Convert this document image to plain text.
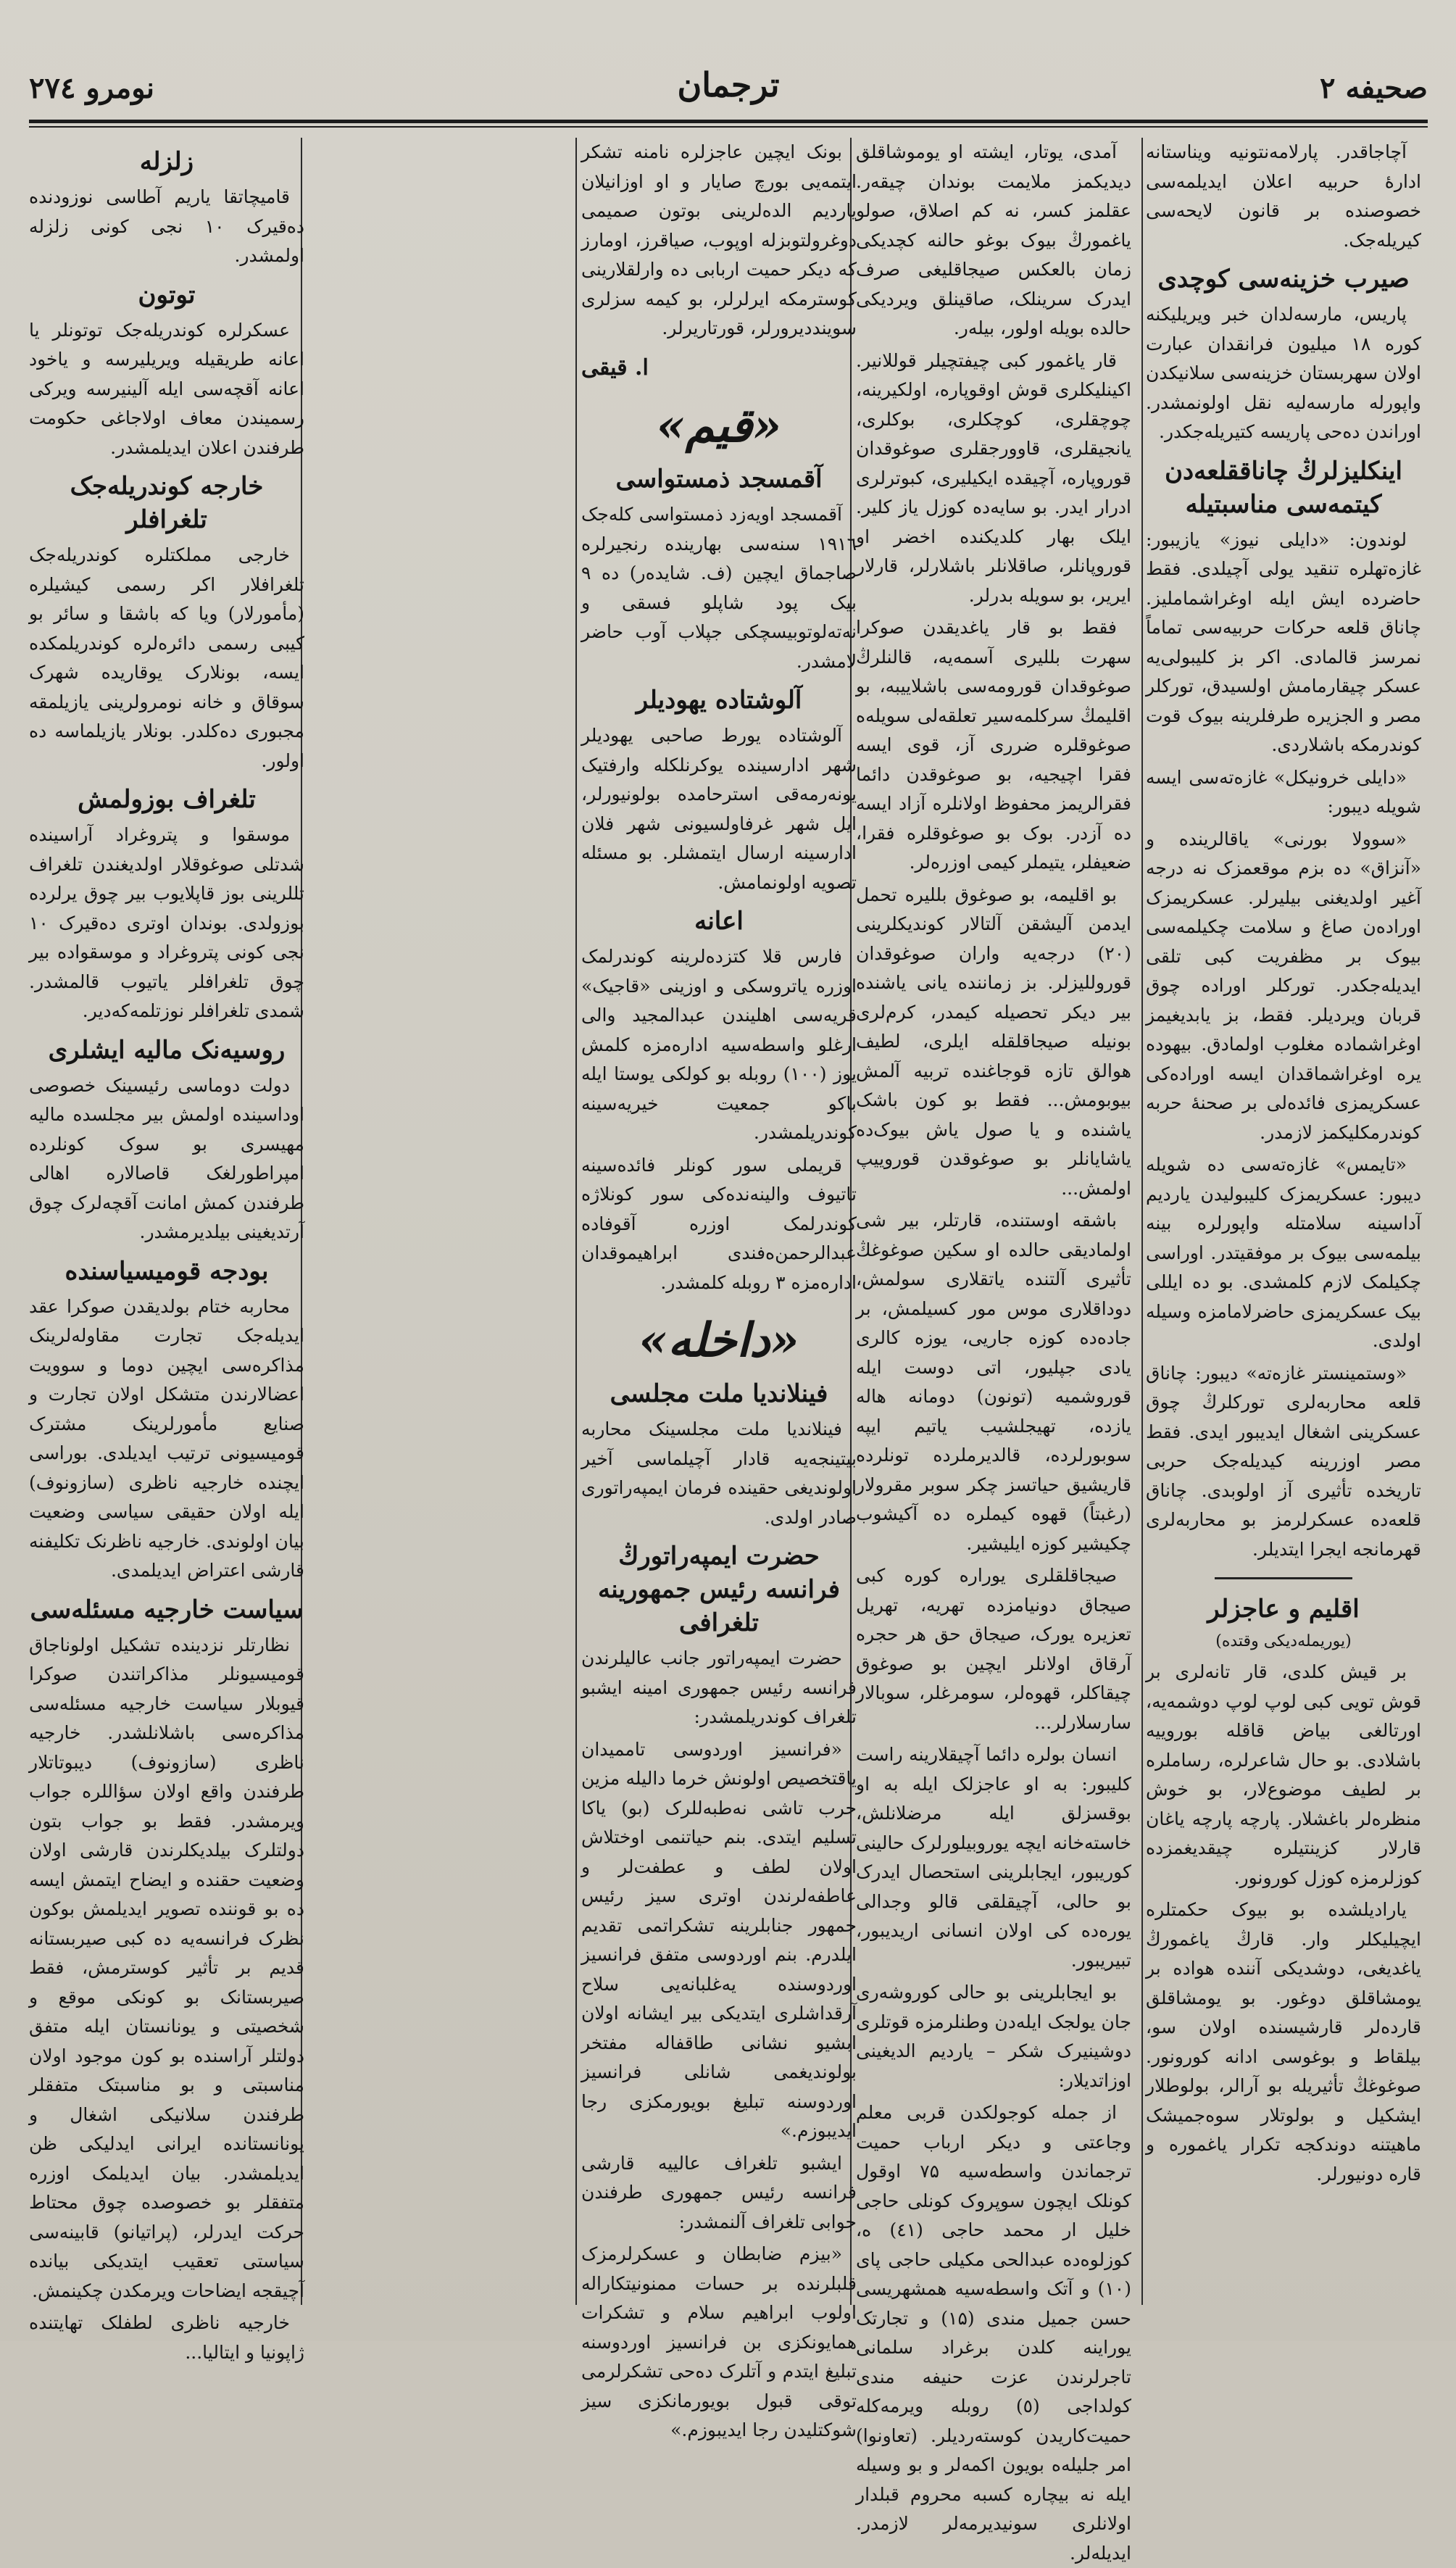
صحیفه ۲
ترجمان
نومرو ۲۷٤

آچاجاقدر. پارلامه‌نتونیه ویناستانه ادارهٔ حربیه اعلان ایدیلمه‌سی خصوصنده بر قانون لایحه‌سی کیریله‌جک.

صیرب خزینه‌سی کوچدی

پاریس، مارسه‌لدان خبر ویریلیکنه کوره ۱۸ میلیون فرانقدان عبارت اولان سهربستان خزینه‌سی سلانیکدن واپورله مارسه‌لیه نقل اولونمشدر. اوراندن ده‌حی پاریسه کتیریله‌جکدر.

اینکلیزلرڭ چاناققلعه‌دن کیتمه‌سی مناسبتیله

لوندون: «دایلی نیوز» یازیبور: غازه‌تهلره تنقید یولی آچیلدی. فقط حاضرده ایش ایله اوغراشماملیز. چاناق قلعه حرکات حربیه‌سی تماماً نمرسز قالمادی. اکر بز کلیبولی‌یه عسکر چیقارمامش اولسیدق، تورکلر مصر و الجزیره طرفلرینه بیوک قوت کوندرمکه باشلاردی.

«دایلی خرونیکل» غازه‌ته‌سی ایسه شویله دیبور:

«سوولا بورنی» یاقالرینده و «آنزاق» ده بزم موقعمزک نه درجه آغیر اولدیغنی بیلیرلر. عسکریمزک اوراده‌ن صاغ و سلامت چکیلمه‌سی بیوک بر مظفریت کبی تلقی ایدیله‌جکدر. تورکلر اوراده چوق قربان ویردیلر. فقط، بز یابدیغیمز اوغراشماده مغلوب اولمادق. بیهوده یره اوغراشماقدان ایسه اوراده‌کی عسکریمزی فائده‌لی بر صحنهٔ حربه کوندرمکلیکمز لازمدر.

«تایمس» غازه‌ته‌سی ده شویله دیبور: عسکریمزک کلیبولیدن یاردیم آداسینه سلامتله واپورلره بینه بیلمه‌سی بیوک بر موفقیتدر. اوراسی چکیلمک لازم کلمشدی. بو ده ایللی بیک عسکریمزی حاضرلامامزه وسیله اولدی.

«وستمینستر غازه‌ته» دیبور: چاناق قلعه محاربه‌لری تورکلرڭ چوق عسکرینی اشغال ایدیبور ایدی. فقط مصر اوزرینه کیدیله‌جک حربی تاریخده تأثیری آز اولوبدی. چاناق قلعه‌ده عسکرلرمز بو محاربه‌لری قهرمانجه ایجرا ایتدیلر.

اقلیم و عاجزلر
(یوریمله‌دیکی وقتده)

بر قیش کلدی، قار تانه‌لری بر قوش تویی کبی لوپ لوپ دوشمه‌یه، اورتالغی بیاض قاقله بوروییه باشلادی. بو حال شاعرلره، رساملره بر لطیف موضوع‌لار، بو خوش منظره‌لر باغشلار. پارچه پارچه یاغان قارلار کزینتیلره چیقدیغمزده کوزلرمزه کوزل کورونور.

یارادیلشده بو بیوک حکمتلره ایچیلیکلر وار. قارڭ یاغمورڭ یاغدیغی، دوشدیکی آننده هواده بر یومشاقلق دوغور. بو یومشاقلق قارده‌لر قارشیسنده اولان سو، بیلقاط و بوغوسی ادانه کورونور. صوغوغڭ تأثیریله بو آرالر، بولوطلار ایشکیل و بولوتلار سوه‌جمیشک ماهیتنه دوندکجه تکرار یاغموره و قاره دونیورلر.

آمدی، یوتار، ایشته او یوموشاقلق دیدیکمز ملایمت بوندان چیقه‌ر. عقلمز کسر، نه کم اصلاق، صولو یاغمورڭ بیوک بوغو حالنه کچدیکی زمان بالعکس صیجاقلیغی صرف ایدرک سرینلک، صاقینلق ویردیکی حالده بویله اولور، بیله‌ر.

قار یاغمور کبی چیفتچیلر قوللانیر. اکینلیکلری قوش اوقوپاره، اولکیرینه، چوچقلری، کوچکلری، بوکلری، یانجیقلری، قاوورجقلری صوغوقدان قوروپاره، آچیقده ایکیلیری، کبوترلری ادرار ایدر. بو سایه‌ده کوزل یاز کلیر. ایلک بهار کلدیکنده اخضر او قوروپانلر، صاقلانلر باشلارلر، قارلار ایریر، بو سویله بدرلر.

فقط بو قار یاغدیقدن صوکرا سهرت بللیری آسمه‌یه، قالنلرڭ صوغوقدان قورومه‌سی باشلاییبه، بو اقلیمڭ سرکلمه‌سیر تعلقه‌لی سویله‌ه صوغوقلره ضرری آز، قوی ایسه فقرا اچیجیه، بو صوغوقدن دائما فقرالریمز محفوظ اولانلره آزاد ایسه ده آزدر. بوک بو صوغوقلره فقرا، ضعیفلر، یتیملر کیمی اوزره‌لر.

بو اقلیمه، بو صوغوق بللیره تحمل ایدمن آلیشقن آلتالار کوندیکلرینی (۲۰) درجه‌یه واران صوغوقدان قوروللیزلر. بز زماننده یانی یاشنده بیر دیکر تحصیله کیمدر، کرم‌لری بونیله صیجاقلقله ایلری، لطیف هوالق تازه قوجاغنده تربیه آلمش بیوبومش... فقط بو کون باشک یاشنده و یا صول یاش بیوک‌ده یاشایانلر بو صوغوقدن قوروییپ اولمش...

باشقه اوستنده، قارتلر، بیر شی اولمادیقی حالده او سکین صوغوغڭ تأثیری آلتنده یاتقلاری سولمش، دوداقلاری موس مور کسیلمش، بر جاده‌ده کوزه جاریی، یوزه کالری یادی جپلیور، اتی دوست ایله قوروشمیه (تونون) دومانه هاله یازده، تهیجلشیب یاتیم ایپه سوبورلرده، قالدیرملرده تونلرده قاریشیق حیاتسز چکر سوبر مقرولار (رغبتاً) قهوه کیملره ده آکیشوب چکیشیر کوزه ایلیشیر.

صیجاقلقلری یوراره کوره کبی صیجاق دونیامزده تهریه، تهریل تعزیره یورک، صیجاق حق هر حجره آرقاق اولانلر ایچین بو صوغوق چیقاکلر، قهوه‌لر، سومرغلر، سوبالار سارسلارلر...

انسان بولره دائما آچیقلارینه راست کلیبور: به او عاجزلک ایله به او بوقسزلق ایله مرضلانلش، خاسته‌خانه ایچه یوروبیلورلرک حالینی کوریبور، ایجابلرینی استحصال ایدرک بو حالی، آچیقلقی قالو وجدالی یوره‌ده کی اولان انسانی اریدیبور، تبیریبور.

بو ایجابلرینی بو حالی کوروشه‌ری جان یولجک ایله‌دن وطنلرمزه قوتلری دوشینیرک شکر – یاردیم الدیغینی اوزاتدیلار:

از جمله کوجولکدن قربی معلم وجاعتی و دیکر ارباب حمیت ترجماندن واسطه‌سیه ۷۵ اوقول کونلک ایچون سوپروک کونلی حاجی خلیل ار محمد حاجی (٤۱) ه، کوزلوه‌ده عبدالحی مکیلی حاجی پای (۱۰) و آتک واسطه‌سیه همشهریسی حسن جمیل مندی (۱۵) و تجارتک یوراینه کلدن برغراد سلمانی تاجرلرندن عزت حنیفه مندی کولداجی (٥) روبله ویرمه‌کله حمیت‌کاریدن کوسته‌ردیلر. (تعاونوا) امر جلیله‌ه بویون اکمه‌لر و بو وسیله ایله نه بیچاره کسبه محروم قبلدار اولانلری سونیدیرمه‌لر لازمدر. ایدیله‌لر.

بونک ایچین عاجزلره نامنه تشکر ایتمه‌یی بورچ صایار و او اوزانیلان یاردیم الده‌لرینی بوتون صمیمی دوغرولتوبزله اوپوب، صیاقرز، اومارز که دیکر حمیت اربابی ده وارلقلارینی کوسترمکه ایرلرلر، بو کیمه سزلری سوینددیرورلر، قورتاریرلر.

ا. قیقی
«قیم»
آقمسجد ذمستواسی

آقمسجد اویه‌زد ذمستواسی کله‌جک ۱۹۱٦ سنه‌سی بهارینده رنجیرلره صاجماق ایچین (ف. شایده‌ر) ده ۹ بیک پود شاپلو فسقی و نه‌ته‌لوتوبیسچکی جپلاب آوب حاضر لامشدر.

آلوشتاده یهودیلر

آلوشتاده یورط صاحبی یهودیلر شهر ادارسینده یوکرنلکله وارفتیک یونه‌رمه‌قی استرحامده بولونیورلر، ایل شهر غرفاولسیونی شهر فلان ادارسینه ارسال ایتمشلر. بو مسئله تصویه اولونمامش.

اعانه

فارس قلا کتزده‌لرینه کوندرلمک اوزره یاتروسکی و اوزینی «قاجیک» قریه‌سی اهلیندن عبدالمجید والی ارغلو واسطه‌سیه اداره‌مزه کلمش یوز (۱۰۰) روبله بو کولکی یوستا ایله باکو جمعیت خیریه‌سینه کوندریلمشدر.

قریملی سور کونلر فائده‌سینه تاتیوف والینه‌نده‌کی سور کونلاژه کوندرلمک اوزره آقوفاده عبدالرحمن‌ه‌فندی ابراهیموقدان اداره‌مزه ۳ روبله کلمشدر.

«داخله»
فینلاندیا ملت مجلسی

فینلاندیا ملت مجلسینک محاربه بیتینجه‌یه قادار آچیلماسی آخیر اولوندیغی حقینده فرمان ایمپه‌راتوری صادر اولدی.

حضرت ایمپه‌راتورڭ فرانسه رئیس جمهورینه تلغرافی

حضرت ایمپه‌راتور جانب عالیلرندن فرانسه رئیس جمهوری امینه ایشبو تلغراف کوندریلمشدر:

«فرانسیز اوردوسی تاممیدان یاقتخصیص اولونش خرما دالیله مزین حرب تاشی نه‌طبه‌للرک (بو) یاکا تسلیم ایتدی. بنم حیاتنمی اوختلاش اولان لطف و عطفت‌لر و عاطفه‌لرندن اوتری سیز رئیس جمهور جنابلرینه تشکراتمی تقدیم ایلدرم. بنم اوردوسی متفق فرانسیز اوردوسنده یه‌غلبانه‌یی سلاح آرقداشلری ایتدیکی بیر ایشانه اولان ابشیو نشانی طاقفاله مفتخر بولوندیغمی شانلی فرانسیز اوردوسنه تبلیغ بویورمکزی رجا ایدیبوزم.»

ایشبو تلغراف عالییه قارشی فرانسه رئیس جمهوری طرفندن جوابی تلغراف آلنمشدر:

«بیزم ضابطان و عسکرلرمزک قلبلرنده بر حسات ممنونیتکاراله اولوب ابراهیم سلام و تشکرات همایونکزی بن فرانسیز اوردوسنه تبلیغ ایتدم و آتلرک ده‌حی تشکرلرمی توقی قبول بویورمانکزی سیز شوکتلیدن رجا ایدیبوزم.»

زلزله

قامیچاتقا یاریم آطاسی نوزودنده ده‌قیرک ۱۰ نجی کونی زلزله اولمشدر.

توتون

عسکرلره کوندریله‌جک توتونلر یا اعانه طریقیله ویریلیرسه و یاخود اعانه آقچه‌سی ایله آلینیرسه ویرکی رسمیندن معاف اولاجاغی حکومت طرفندن اعلان ایدیلمشدر.

خارجه کوندریله‌جک تلغرافلر

خارجی مملکتلره کوندریله‌جک تلغرافلار اکر رسمی کیشیلره (مأمورلار) ویا که باشقا و سائر بو کیبی رسمی دائره‌لره کوندریلمکده ایسه، بونلارک یوقاریده شهرک سوقاق و خانه نومرولرینی یازیلمقه مجبوری ده‌کلدر. بونلار یازیلماسه ده اولور.

تلغراف بوزولمش

موسقوا و پتروغراد آراسینده شدتلی صوغوقلار اولدیغندن تلغراف تللرینی بوز قاپلایوب بیر چوق یرلرده بوزولدی. بوندان اوتری ده‌قیرک ۱۰ نجی کونی پتروغراد و موسقواده بیر چوق تلغرافلر یاتیوب قالمشدر. شمدی تلغرافلر نوزتلمه‌که‌دیر.

روسیه‌نک مالیه ایشلری

دولت دوماسی رئیسینک خصوصی اوداسینده اولمش بیر مجلسده مالیه مهیسری بو سوک کونلرده امپراطورلغک قاصالاره اهالی طرفندن کمش امانت آقچه‌لرک چوق آرتدیغینی بیلدیرمشدر.

بودجه قومیسیاسنده

محاربه ختام بولدیقدن صوکرا عقد ایدیله‌جک تجارت مقاوله‌لرینک مذاکره‌سی ایچین دوما و سوویت اعضالارندن متشکل اولان تجارت و صنایع مأمورلرینک مشترک قومیسیونی ترتیب ایدیلدی. بوراسی ایچنده خارجیه ناظری (سازونوف) ایله اولان حقیقی سیاسی وضعیت بیان اولوندی. خارجیه ناظرنک تکلیفنه قارشی اعتراض ایدیلمدی.

سیاست خارجیه مسئله‌سی

نظارتلر نزدینده تشکیل اولوناجاق قومیسیونلر مذاکراتندن صوکرا قیوبلار سیاست خارجیه مسئله‌سی مذاکره‌سی باشلانلشدر. خارجیه ناظری (سازونوف) دیبوتاتلار طرفندن واقع اولان سؤاللره جواب ویرمشدر. فقط بو جواب بتون دولتلرک بیلدیکلرندن قارشی اولان وضعیت حقنده و ایضاح ایتمش ایسه ده بو قوننده تصویر ایدیلمش بوکون نظرک فرانسه‌یه ده کبی صیربستانه قدیم بر تأثیر کوسترمش، فقط صیربستانک بو کونکی موقع و شخصیتی و یونانستان ایله متفق دولتلر آراسنده بو کون موجود اولان مناسبتی و بو مناسبتک متفقلر طرفندن سلانیکی اشغال و یونانستانده ایرانی ایدلیکی ظن ایدیلمشدر. بیان ایدیلمک اوزره متفقلر بو خصوصده چوق محتاط حرکت ایدرلر، (پراتیانو) قابینه‌سی سیاستی تعقیب ایتدیکی بیانده آچیقجه ایضاحات ویرمکدن چکینمش.

خارجیه ناظری لطفلک تهایتنده ژاپونیا و ایتالیا...
